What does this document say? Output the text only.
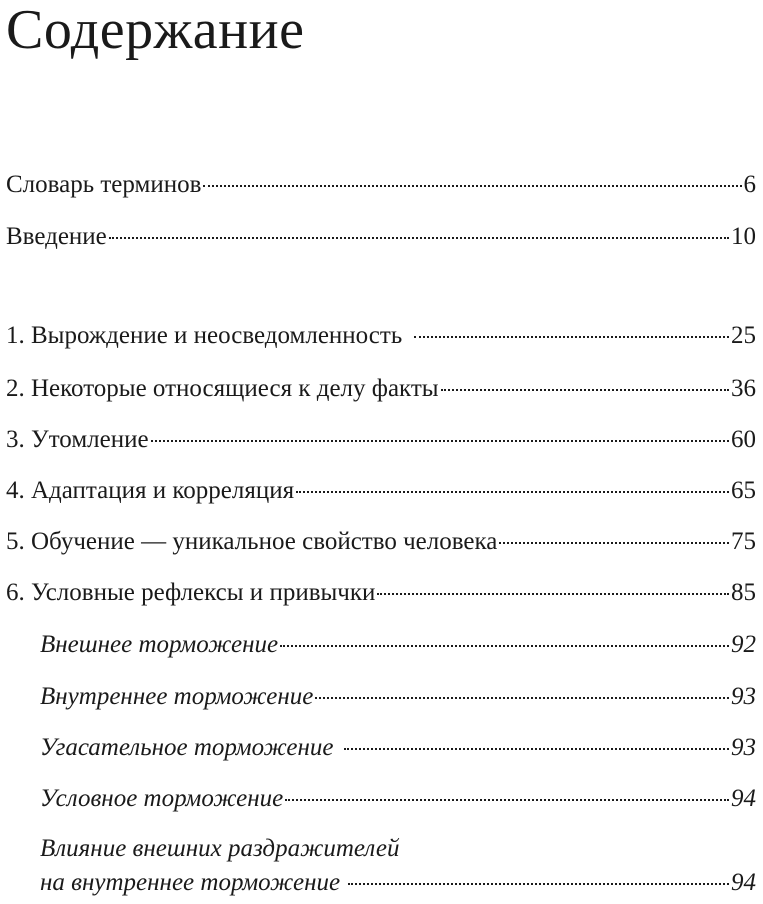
Содержание
Словарь терминов	6
Введение	10
1. Вырождение и неосведомленность	25
2. Некоторые относящиеся к делу факты	36
3. Утомление	60
4. Адаптация и корреляция	65
5. Обучение — уникальное свойство человека	75
6. Условные рефлексы и привычки	85
Внешнее торможение	92
Внутреннее торможение	93
Угасательное торможение	93
Условное торможение	94
Влияние внешних раздражителей
на внутреннее торможение	94
